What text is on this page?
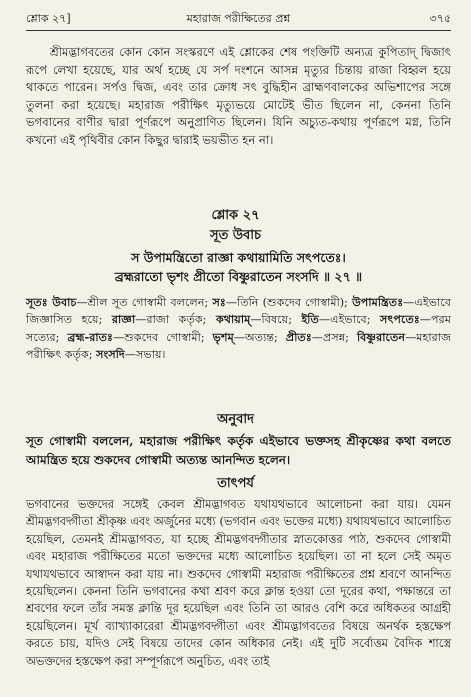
শ্লোক ২৭]	মহারাজ পরীক্ষিতের প্রশ্ন	৩৭৫
শ্রীমদ্ভাগবতের কোন কোন সংস্করণে এই শ্লোকের শেষ পংক্তিটি অন্যত্র কুপিতাদ্ দ্বিজাৎ রূপে লেখা হয়েছে, যার অর্থ হচ্ছে যে সর্প দংশনে আসন্ন মৃত্যুর চিন্তায় রাজা বিহ্বল হয়ে থাকতে পারেন। সর্পও দ্বিজ, এবং তার ক্রোধ সৎ বুদ্ধিহীন ব্রাহ্মণবালকের অভিশাপের সঙ্গে তুলনা করা হয়েছে। মহারাজ পরীক্ষিৎ মৃত্যুভয়ে মোটেই ভীত ছিলেন না, কেননা তিনি ভগবানের বাণীর দ্বারা পূর্ণরূপে অনুপ্রাণিত ছিলেন। যিনি অচ্যুত-কথায় পূর্ণরূপে মগ্ন, তিনি কখনো এই পৃথিবীর কোন কিছুর দ্বারাই ভয়ভীত হন না।
শ্লোক ২৭
সূত উবাচ
স উপামন্ত্রিতো রাজ্ঞা কথায়ামিতি সৎপতেঃ।
ব্রহ্মরাতো ভৃশং প্রীতো বিষ্ণুরাতেন সংসদি ॥ ২৭ ॥
সূতঃ উবাচ—শ্রীল সূত গোস্বামী বললেন; সঃ—তিনি (শুকদেব গোস্বামী); উপামন্ত্রিতঃ—এইভাবে জিজ্ঞাসিত হয়ে; রাজ্ঞা—রাজা কর্তৃক; কথায়াম্—বিষয়ে; ইতি—এইভাবে; সৎপতেঃ—পরম সত্যের; ব্রহ্ম-রাতঃ—শুকদেব গোস্বামী; ভৃশম্—অত্যন্ত; প্রীতঃ—প্রসন্ন; বিষ্ণুরাতেন—মহারাজ পরীক্ষিৎ কর্তৃক; সংসদি—সভায়।
অনুবাদ
সূত গোস্বামী বললেন, মহারাজ পরীক্ষিৎ কর্তৃক এইভাবে ভক্তসহ শ্রীকৃষ্ণের কথা বলতে আমন্ত্রিত হয়ে শুকদেব গোস্বামী অত্যন্ত আনন্দিত হলেন।
তাৎপর্য
ভগবানের ভক্তদের সঙ্গেই কেবল শ্রীমদ্ভাগবত যথাযথভাবে আলোচনা করা যায়। যেমন শ্রীমদ্ভগবদ্গীতা শ্রীকৃষ্ণ এবং অর্জুনের মধ্যে (ভগবান এবং ভক্তের মধ্যে) যথাযথভাবে আলোচিত হয়েছিল, তেমনই শ্রীমদ্ভাগবত, যা হচ্ছে শ্রীমদ্ভগবদ্গীতার স্নাতকোত্তর পাঠ, শুকদেব গোস্বামী এবং মহারাজ পরীক্ষিতের মতো ভক্তদের মধ্যে আলোচিত হয়েছিল। তা না হলে সেই অমৃত যথাযথভাবে আস্বাদন করা যায় না। শুকদেব গোস্বামী মহারাজ পরীক্ষিতের প্রশ্ন শ্রবণে আনন্দিত হয়েছিলেন। কেননা তিনি ভগবানের কথা শ্রবণ করে ক্লান্ত হওয়া তো দূরের কথা, পক্ষান্তরে তা শ্রবণের ফলে তাঁর সমস্ত ক্লান্তি দূর হয়েছিল এবং তিনি তা আরও বেশি করে অধিকতর আগ্রহী হয়েছিলেন। মূর্খ ব্যাখ্যাকারেরা শ্রীমদ্ভগবদ্গীতা এবং শ্রীমদ্ভাগবতের বিষয়ে অনর্থক হস্তক্ষেপ করতে চায়, যদিও সেই বিষয়ে তাদের কোন অধিকার নেই। এই দুটি সর্বোত্তম বৈদিক শাস্ত্রে অভক্তদের হস্তক্ষেপ করা সম্পূর্ণরূপে অনুচিত, এবং তাই
